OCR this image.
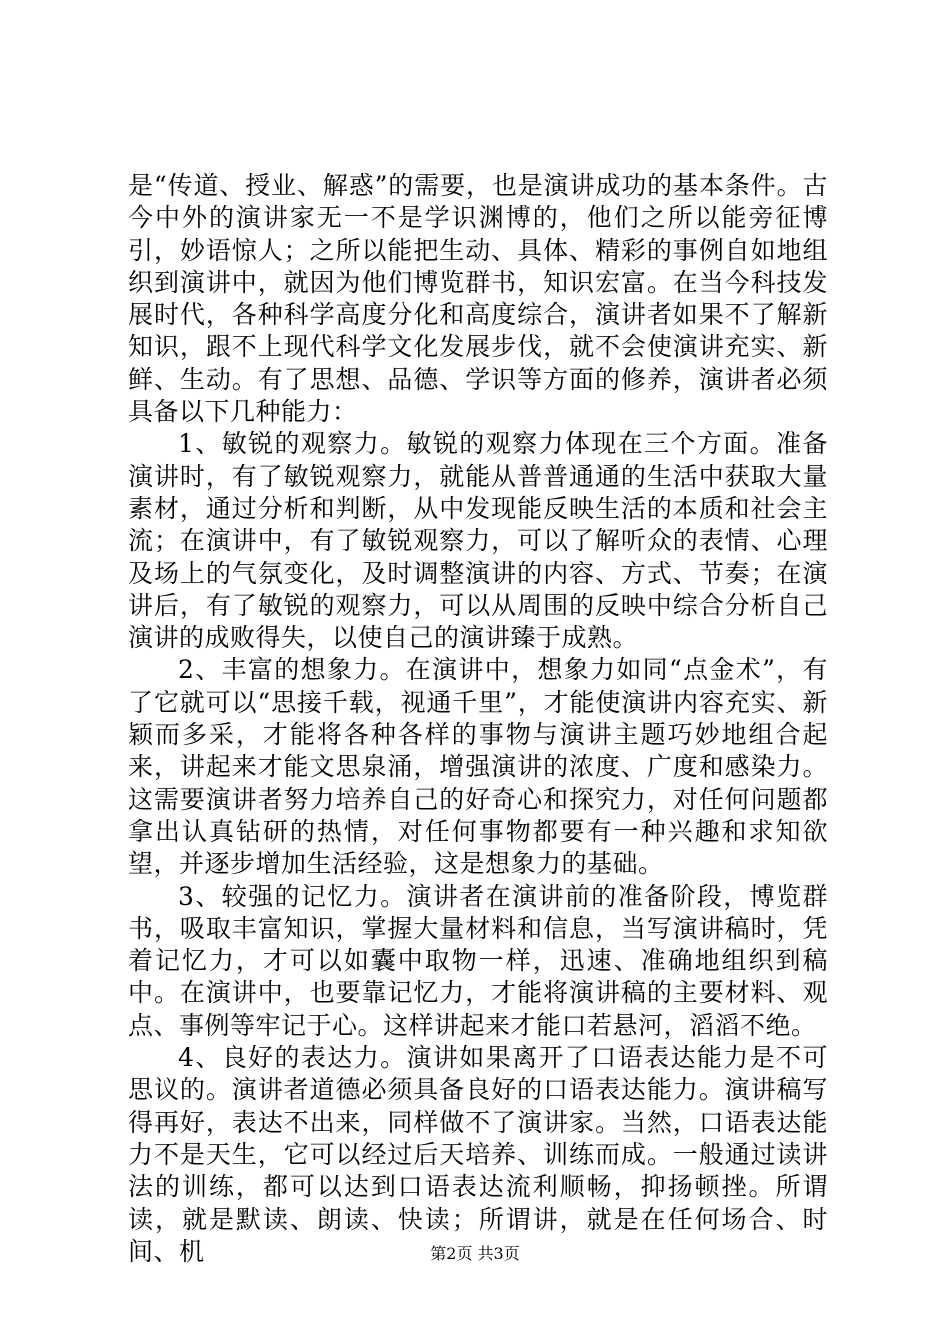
是“传道、授业、解惑”的需要，也是演讲成功的基本条件。古今中外的演讲家无一不是学识渊博的，他们之所以能旁征博引，妙语惊人；之所以能把生动、具体、精彩的事例自如地组织到演讲中，就因为他们博览群书，知识宏富。在当今科技发展时代，各种科学高度分化和高度综合，演讲者如果不了解新知识，跟不上现代科学文化发展步伐，就不会使演讲充实、新鲜、生动。有了思想、品德、学识等方面的修养，演讲者必须具备以下几种能力：

1、敏锐的观察力。敏锐的观察力体现在三个方面。准备演讲时，有了敏锐观察力，就能从普普通通的生活中获取大量素材，通过分析和判断，从中发现能反映生活的本质和社会主流；在演讲中，有了敏锐观察力，可以了解听众的表情、心理及场上的气氛变化，及时调整演讲的内容、方式、节奏；在演讲后，有了敏锐的观察力，可以从周围的反映中综合分析自己演讲的成败得失，以使自己的演讲臻于成熟。

2、丰富的想象力。在演讲中，想象力如同“点金术”，有了它就可以“思接千载，视通千里”，才能使演讲内容充实、新颖而多采，才能将各种各样的事物与演讲主题巧妙地组合起来，讲起来才能文思泉涌，增强演讲的浓度、广度和感染力。这需要演讲者努力培养自己的好奇心和探究力，对任何问题都拿出认真钻研的热情，对任何事物都要有一种兴趣和求知欲望，并逐步增加生活经验，这是想象力的基础。

3、较强的记忆力。演讲者在演讲前的准备阶段，博览群书，吸取丰富知识，掌握大量材料和信息，当写演讲稿时，凭着记忆力，才可以如囊中取物一样，迅速、准确地组织到稿中。在演讲中，也要靠记忆力，才能将演讲稿的主要材料、观点、事例等牢记于心。这样讲起来才能口若悬河，滔滔不绝。

4、良好的表达力。演讲如果离开了口语表达能力是不可思议的。演讲者道德必须具备良好的口语表达能力。演讲稿写得再好，表达不出来，同样做不了演讲家。当然，口语表达能力不是天生，它可以经过后天培养、训练而成。一般通过读讲法的训练，都可以达到口语表达流利顺畅，抑扬顿挫。所谓读，就是默读、朗读、快读；所谓讲，就是在任何场合、时间、机	第2页 共3页
